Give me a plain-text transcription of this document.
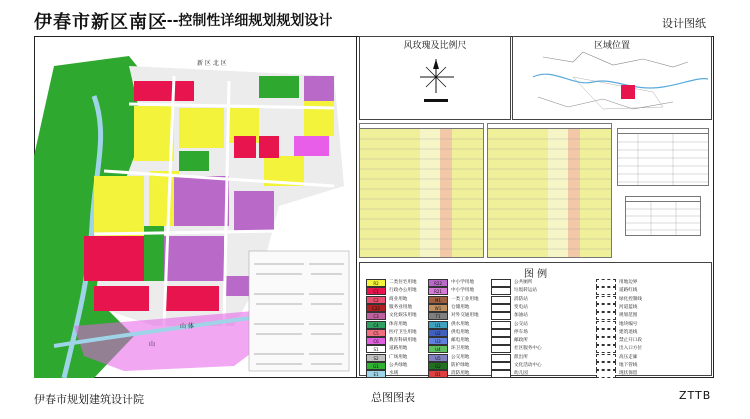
伊春市新区南区
---控制性详细规划规划设计	设计图纸
新 区 北 区
山 体
山
风玫瑰及比例尺	区域位置
图 例
R2	二类住宅用地
C1	行政办公用地
C2	商业用地
C22	服务业用地
C3	文化娱乐用地
C4	体育用地
C5	医疗卫生用地
C6	教育科研用地
S1	道路用地
S2	广场用地
G1	公共绿地
E1	水域
R22	中小学用地
R21	中小学用地
M1	一类工业用地
W1	仓储用地
T1	对外交通用地
U1	供水用地
U2	供电用地
U3	邮电用地
U4	环卫用地
U5	公交用地
G2	防护绿地
D1	消防用地
公共厕所
垃圾转运站
消防站
变电站
加油站
公交站
停车场
邮政所
社区服务中心
派出所
文化活动中心
幼儿园
用地边界
道路红线
绿化控制线
河道蓝线
规划范围
地块编号
建筑退线
禁止开口段
出入口方位
高压走廊
地下管线
现状保留
伊春市规划建筑设计院	总图图表	ZTTB
